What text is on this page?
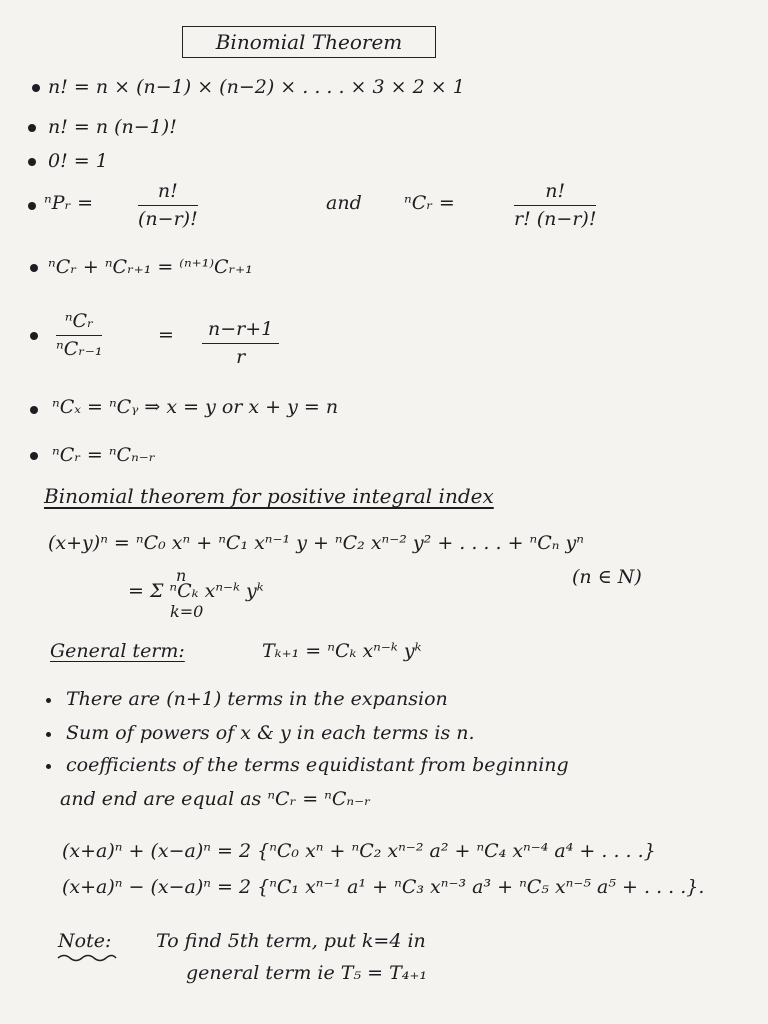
Binomial Theorem
n! = n × (n−1) × (n−2) × . . . . × 3 × 2 × 1
n! = n (n−1)!
0! = 1
ⁿPᵣ = $\frac{n!}{(n-r)!}$	and ⁿCᵣ =	$\frac{n!}{r! (n-r)!}$
ⁿCᵣ + ⁿCᵣ₊₁ = ⁽ⁿ⁺¹⁾Cᵣ₊₁
ⁿCᵣ
ⁿCᵣ₋₁
= $\frac{n-r+1}{r}$
ⁿCₓ = ⁿCᵧ ⇒ x = y or x + y = n
ⁿCᵣ = ⁿCₙ₋ᵣ
Binomial theorem for positive integral index
(x+y)ⁿ = ⁿC₀ xⁿ + ⁿC₁ xⁿ⁻¹ y + ⁿC₂ xⁿ⁻² y² + . . . . + ⁿCₙ yⁿ
= Σ ⁿCₖ xⁿ⁻ᵏ yᵏ
n
k=0
(n ∈ N)
General term:	Tₖ₊₁ = ⁿCₖ xⁿ⁻ᵏ yᵏ
There are (n+1) terms in the expansion
Sum of powers of x & y in each terms is n.
coefficients of the terms equidistant from beginning
and end are equal as ⁿCᵣ = ⁿCₙ₋ᵣ
(x+a)ⁿ + (x−a)ⁿ = 2 {ⁿC₀ xⁿ + ⁿC₂ xⁿ⁻² a² + ⁿC₄ xⁿ⁻⁴ a⁴ + . . . .}
(x+a)ⁿ − (x−a)ⁿ = 2 {ⁿC₁ xⁿ⁻¹ a¹ + ⁿC₃ xⁿ⁻³ a³ + ⁿC₅ xⁿ⁻⁵ a⁵ + . . . .}.
Note: To find 5th term, put k=4 in
general term ie T₅ = T₄₊₁
